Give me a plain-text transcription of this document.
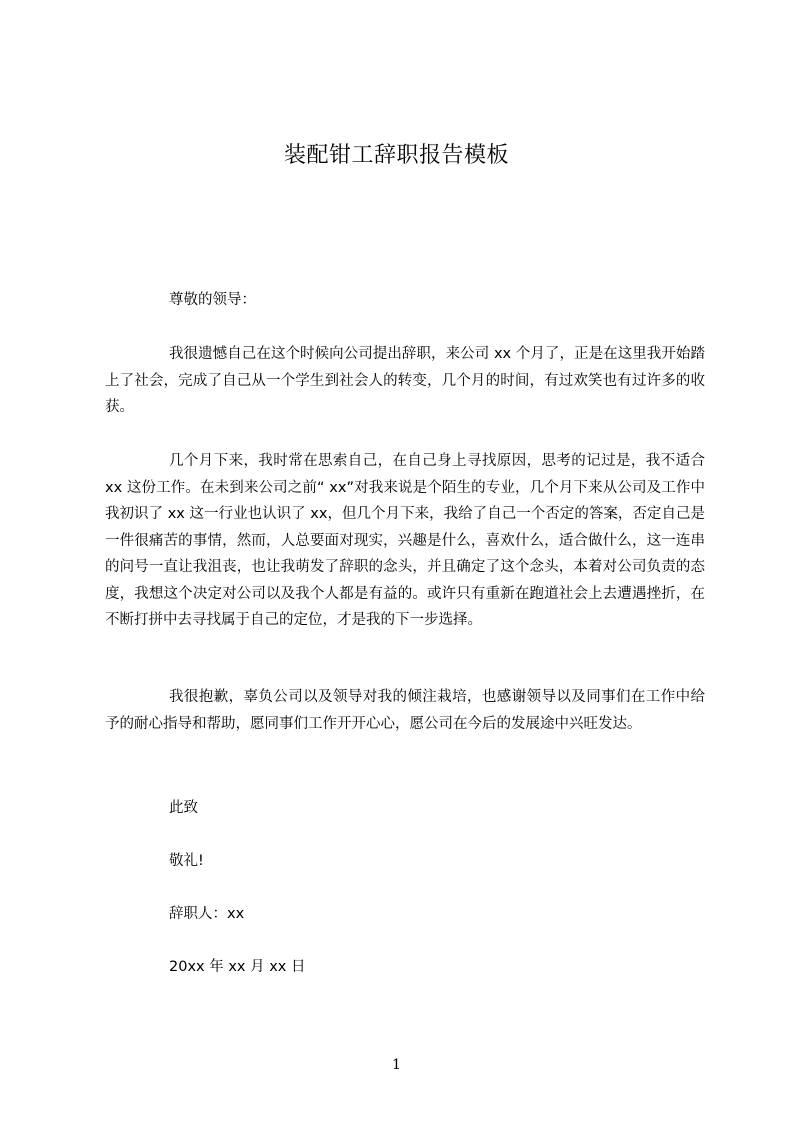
装配钳工辞职报告模板
尊敬的领导：
我很遗憾自己在这个时候向公司提出辞职，来公司 xx 个月了，正是在这里我开始踏上了社会，完成了自己从一个学生到社会人的转变，几个月的时间，有过欢笑也有过许多的收获。
几个月下来，我时常在思索自己，在自己身上寻找原因，思考的记过是，我不适合 xx 这份工作。在未到来公司之前“ xx”对我来说是个陌生的专业，几个月下来从公司及工作中我初识了 xx 这一行业也认识了 xx，但几个月下来，我给了自己一个否定的答案，否定自己是一件很痛苦的事情，然而，人总要面对现实，兴趣是什么，喜欢什么，适合做什么，这一连串的问号一直让我沮丧，也让我萌发了辞职的念头，并且确定了这个念头，本着对公司负责的态度，我想这个决定对公司以及我个人都是有益的。或许只有重新在跑道社会上去遭遇挫折，在不断打拼中去寻找属于自己的定位，才是我的下一步选择。
我很抱歉，辜负公司以及领导对我的倾注栽培，也感谢领导以及同事们在工作中给予的耐心指导和帮助，愿同事们工作开开心心，愿公司在今后的发展途中兴旺发达。
此致
敬礼!
辞职人：xx
20xx 年 xx 月 xx 日
1
